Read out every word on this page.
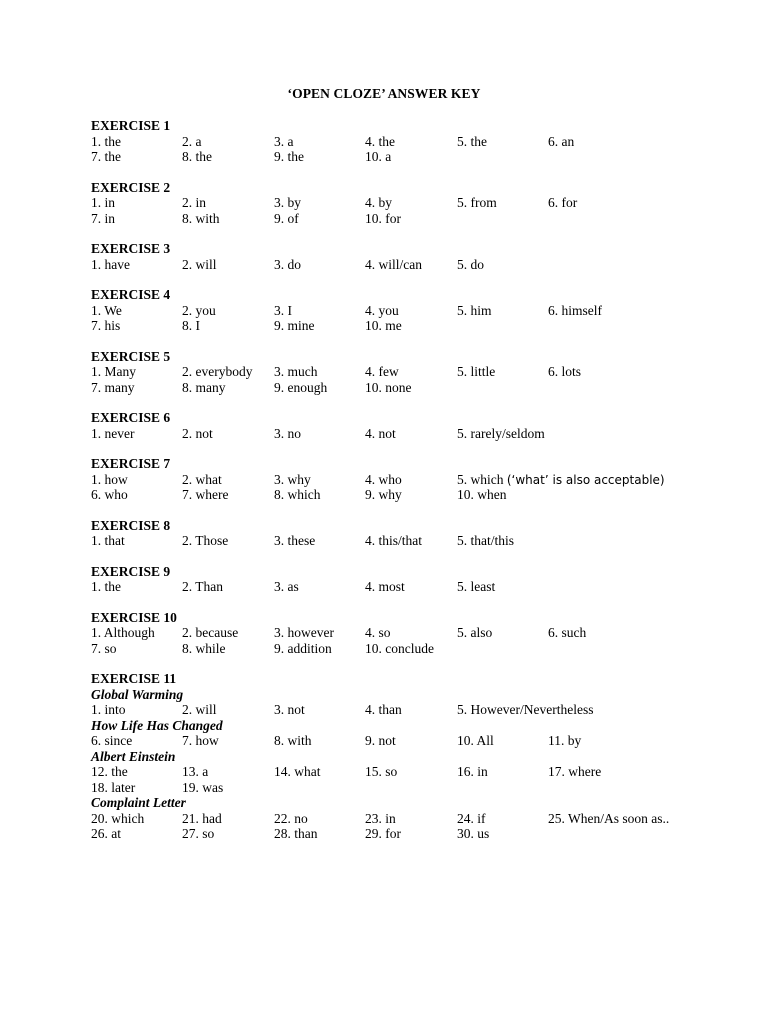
‘OPEN CLOZE’ ANSWER KEY
EXERCISE 1
1. the	2. a	3. a	4. the	5. the	6. an
7. the	8. the	9. the	10. a
EXERCISE 2
1. in	2. in	3. by	4. by	5. from	6. for
7. in	8. with	9. of	10. for
EXERCISE 3
1. have	2. will	3. do	4. will/can	5. do
EXERCISE 4
1. We	2. you	3. I	4. you	5. him	6. himself
7. his	8. I	9. mine	10. me
EXERCISE 5
1. Many	2. everybody 3. much	4. few	5. little	6. lots
7. many	8. many	9. enough	10. none
EXERCISE 6
1. never	2. not	3. no	4. not	5. rarely/seldom
EXERCISE 7
1. how	2. what	3. why	4. who	5. which (‘what’ is also acceptable)
6. who	7. where	8. which	9. why	10. when
EXERCISE 8
1. that	2. Those	3. these	4. this/that	5. that/this
EXERCISE 9
1. the	2. Than	3. as	4. most	5. least
EXERCISE 10
1. Although 2. because	3. however 4. so	5. also	6. such
7. so	8. while	9. addition 10. conclude
EXERCISE 11
Global Warming
1. into	2. will	3. not	4. than	5. However/Nevertheless
How Life Has Changed
6. since	7. how	8. with	9. not	10. All	11. by
Albert Einstein
12. the	13. a	14. what	15. so	16. in	17. where
18. later	19. was
Complaint Letter
20. which	21. had	22. no	23. in	24. if	25. When/As soon as..
26. at	27. so	28. than	29. for	30. us
